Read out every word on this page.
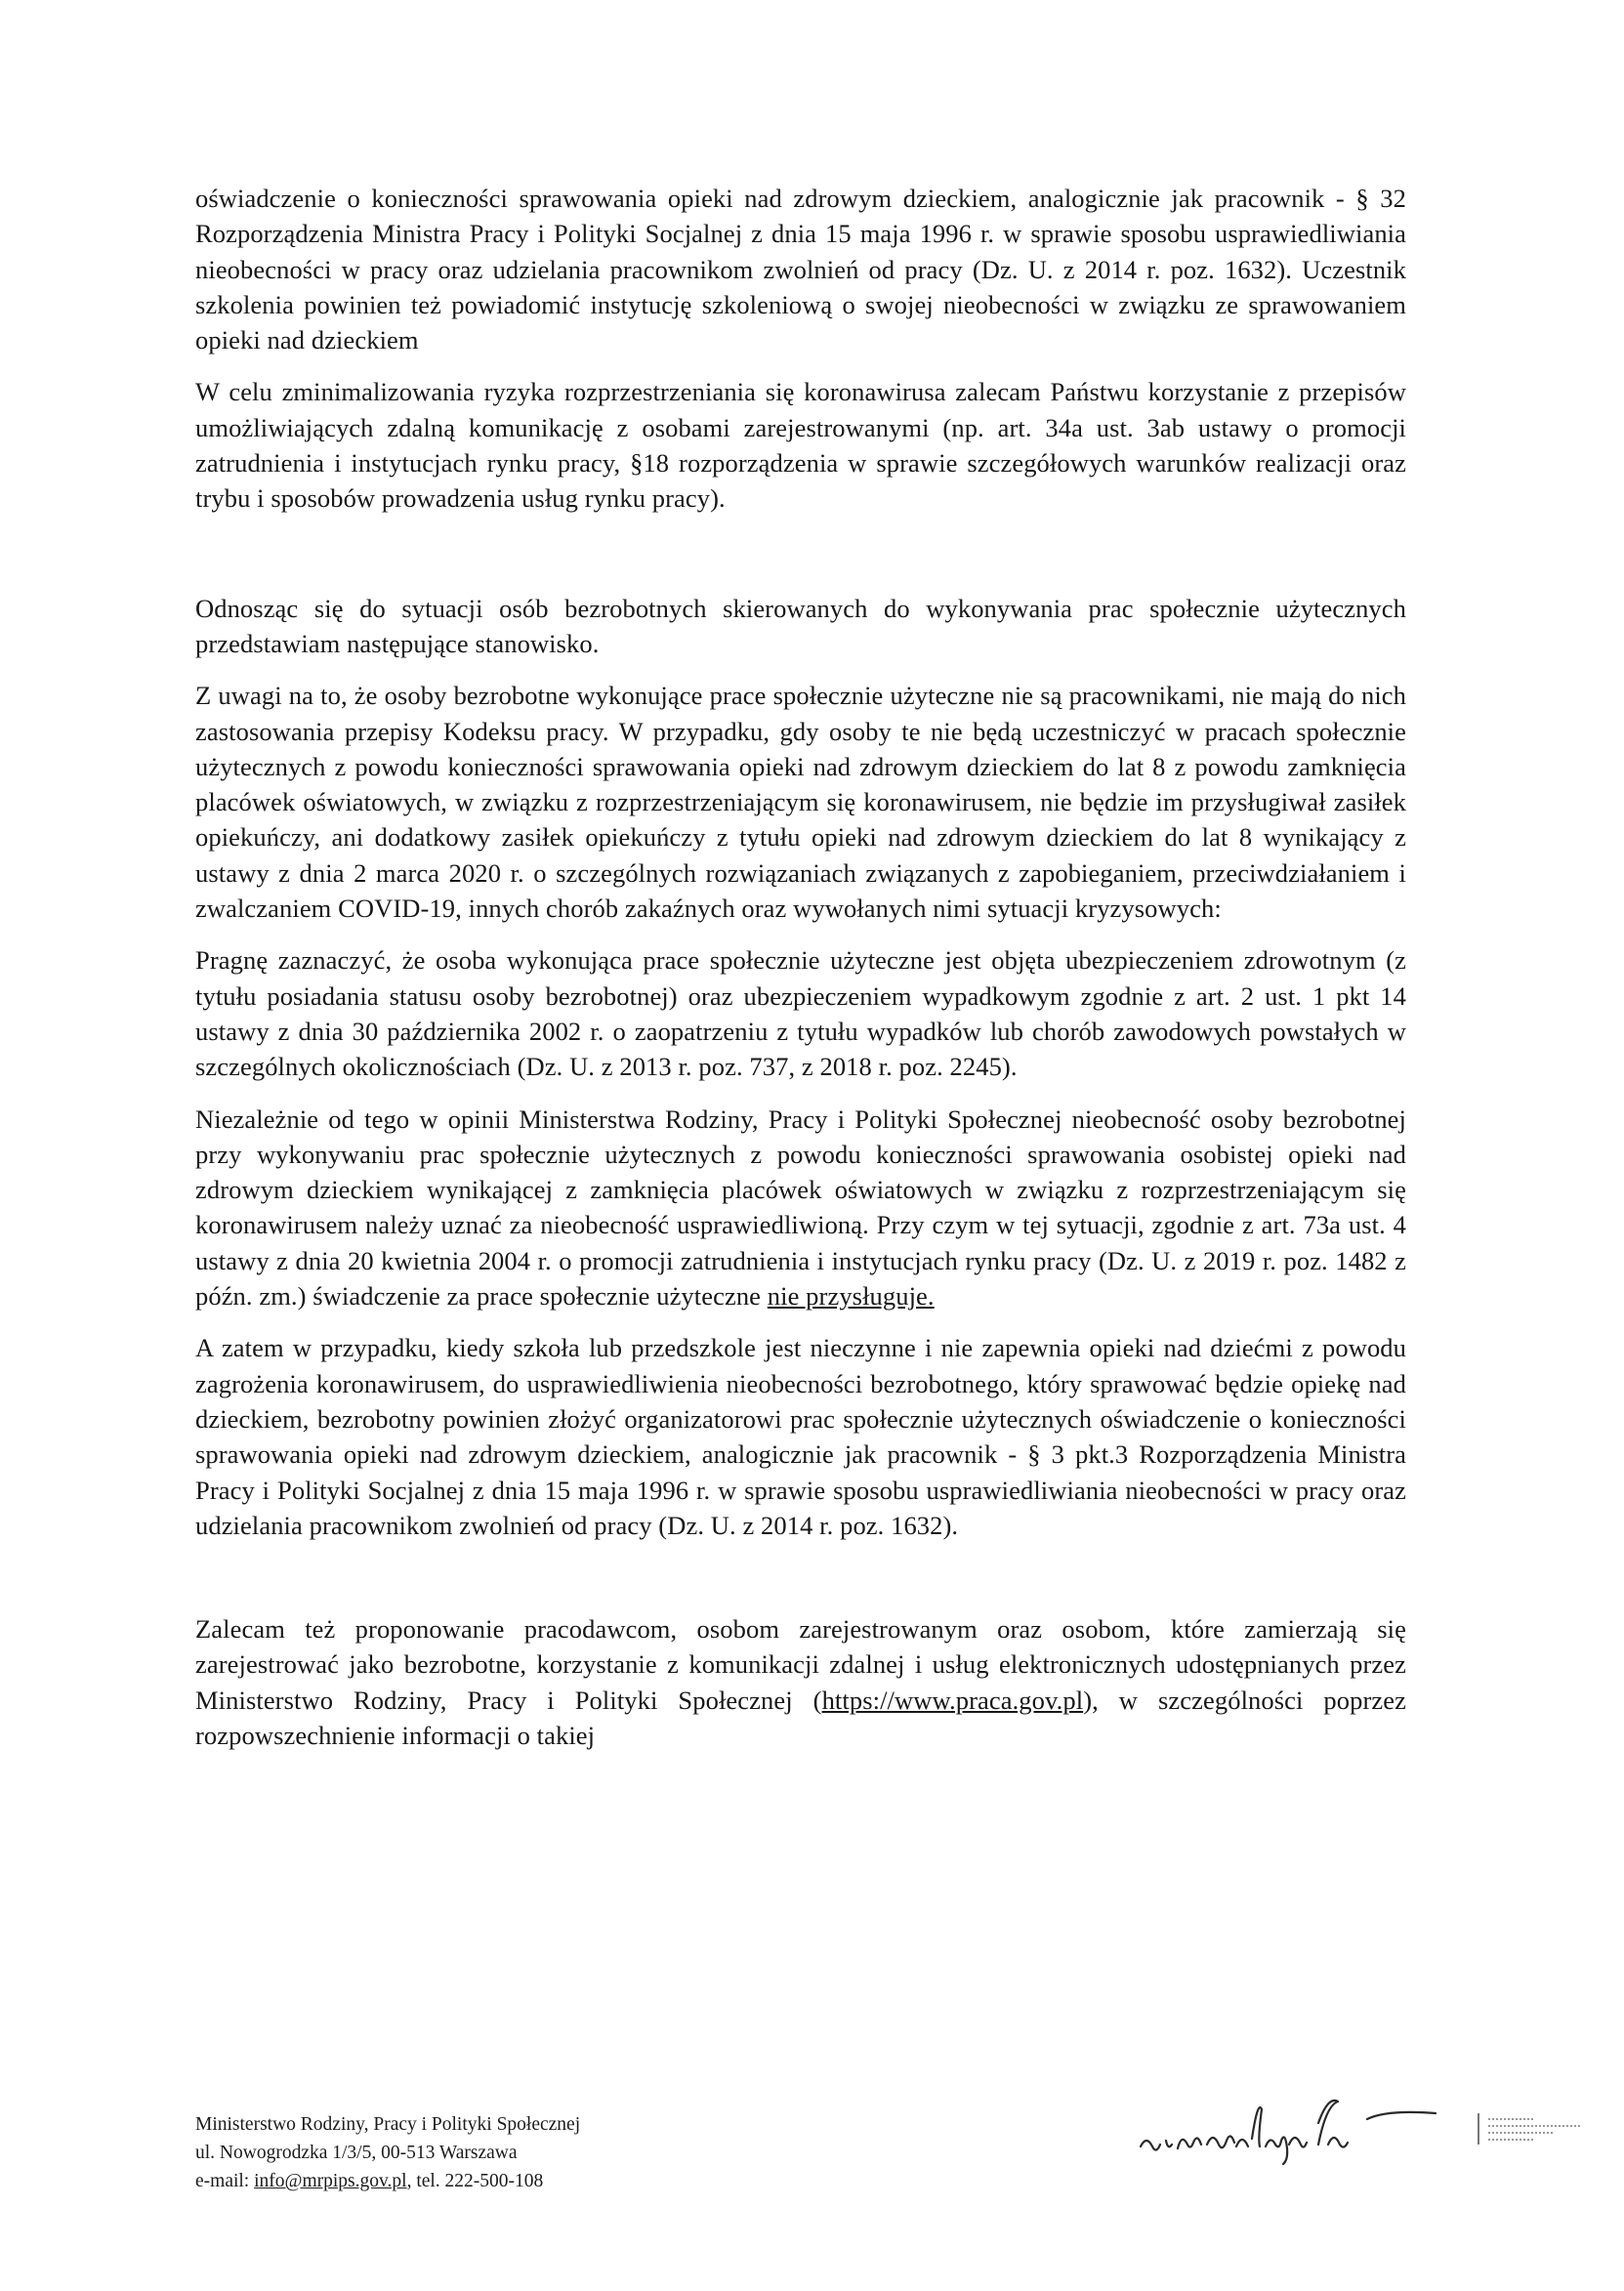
oświadczenie o konieczności sprawowania opieki nad zdrowym dzieckiem, analogicznie jak pracownik - § 32 Rozporządzenia Ministra Pracy i Polityki Socjalnej z dnia 15 maja 1996 r. w sprawie sposobu usprawiedliwiania nieobecności w pracy oraz udzielania pracownikom zwolnień od pracy (Dz. U. z 2014 r. poz. 1632). Uczestnik szkolenia powinien też powiadomić instytucję szkoleniową o swojej nieobecności w związku ze sprawowaniem opieki nad dzieckiem

W celu zminimalizowania ryzyka rozprzestrzeniania się koronawirusa zalecam Państwu korzystanie z przepisów umożliwiających zdalną komunikację z osobami zarejestrowanymi (np. art. 34a ust. 3ab ustawy o promocji zatrudnienia i instytucjach rynku pracy, §18 rozporządzenia w sprawie szczegółowych warunków realizacji oraz trybu i sposobów prowadzenia usług rynku pracy).

Odnosząc się do sytuacji osób bezrobotnych skierowanych do wykonywania prac społecznie użytecznych przedstawiam następujące stanowisko.

Z uwagi na to, że osoby bezrobotne wykonujące prace społecznie użyteczne nie są pracownikami, nie mają do nich zastosowania przepisy Kodeksu pracy. W przypadku, gdy osoby te nie będą uczestniczyć w pracach społecznie użytecznych z powodu konieczności sprawowania opieki nad zdrowym dzieckiem do lat 8 z powodu zamknięcia placówek oświatowych, w związku z rozprzestrzeniającym się koronawirusem, nie będzie im przysługiwał zasiłek opiekuńczy, ani dodatkowy zasiłek opiekuńczy z tytułu opieki nad zdrowym dzieckiem do lat 8 wynikający z ustawy z dnia 2 marca 2020 r. o szczególnych rozwiązaniach związanych z zapobieganiem, przeciwdziałaniem i zwalczaniem COVID-19, innych chorób zakaźnych oraz wywołanych nimi sytuacji kryzysowych:

Pragnę zaznaczyć, że osoba wykonująca prace społecznie użyteczne jest objęta ubezpieczeniem zdrowotnym (z tytułu posiadania statusu osoby bezrobotnej) oraz ubezpieczeniem wypadkowym zgodnie z art. 2 ust. 1 pkt 14 ustawy z dnia 30 października 2002 r. o zaopatrzeniu z tytułu wypadków lub chorób zawodowych powstałych w szczególnych okolicznościach (Dz. U. z 2013 r. poz. 737, z 2018 r. poz. 2245).

Niezależnie od tego w opinii Ministerstwa Rodziny, Pracy i Polityki Społecznej nieobecność osoby bezrobotnej przy wykonywaniu prac społecznie użytecznych z powodu konieczności sprawowania osobistej opieki nad zdrowym dzieckiem wynikającej z zamknięcia placówek oświatowych w związku z rozprzestrzeniającym się koronawirusem należy uznać za nieobecność usprawiedliwioną. Przy czym w tej sytuacji, zgodnie z art. 73a ust. 4 ustawy z dnia 20 kwietnia 2004 r. o promocji zatrudnienia i instytucjach rynku pracy (Dz. U. z 2019 r. poz. 1482 z późn. zm.) świadczenie za prace społecznie użyteczne nie przysługuje.

A zatem w przypadku, kiedy szkoła lub przedszkole jest nieczynne i nie zapewnia opieki nad dziećmi z powodu zagrożenia koronawirusem, do usprawiedliwienia nieobecności bezrobotnego, który sprawować będzie opiekę nad dzieckiem, bezrobotny powinien złożyć organizatorowi prac społecznie użytecznych oświadczenie o konieczności sprawowania opieki nad zdrowym dzieckiem, analogicznie jak pracownik - § 3 pkt.3 Rozporządzenia Ministra Pracy i Polityki Socjalnej z dnia 15 maja 1996 r. w sprawie sposobu usprawiedliwiania nieobecności w pracy oraz udzielania pracownikom zwolnień od pracy (Dz. U. z 2014 r. poz. 1632).

Zalecam też proponowanie pracodawcom, osobom zarejestrowanym oraz osobom, które zamierzają się zarejestrować jako bezrobotne, korzystanie z komunikacji zdalnej i usług elektronicznych udostępnianych przez Ministerstwo Rodziny, Pracy i Polityki Społecznej (https://www.praca.gov.pl), w szczególności poprzez rozpowszechnienie informacji o takiej

Ministerstwo Rodziny, Pracy i Polityki Społecznej
ul. Nowogrodzka 1/3/5, 00-513 Warszawa
e-mail: info@mrpips.gov.pl, tel. 222-500-108
